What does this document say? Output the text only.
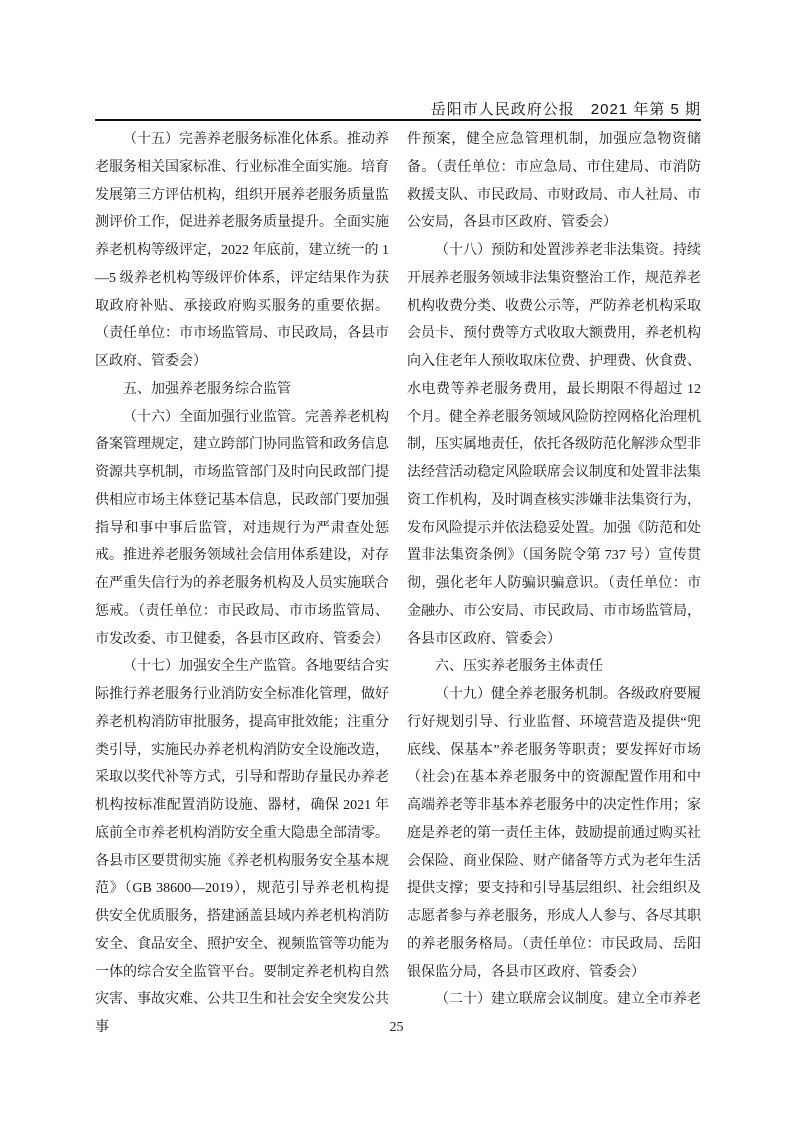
岳阳市人民政府公报　2021 年第 5 期

（十五）完善养老服务标准化体系。推动养老服务相关国家标准、行业标准全面实施。培育发展第三方评估机构，组织开展养老服务质量监测评价工作，促进养老服务质量提升。全面实施养老机构等级评定，2022 年底前，建立统一的 1—5 级养老机构等级评价体系，评定结果作为获取政府补贴、承接政府购买服务的重要依据。（责任单位：市市场监管局、市民政局，各县市区政府、管委会）

五、加强养老服务综合监管

（十六）全面加强行业监管。完善养老机构备案管理规定，建立跨部门协同监管和政务信息资源共享机制，市场监管部门及时向民政部门提供相应市场主体登记基本信息，民政部门要加强指导和事中事后监管，对违规行为严肃查处惩戒。推进养老服务领域社会信用体系建设，对存在严重失信行为的养老服务机构及人员实施联合惩戒。（责任单位：市民政局、市市场监管局、市发改委、市卫健委，各县市区政府、管委会）

（十七）加强安全生产监管。各地要结合实际推行养老服务行业消防安全标准化管理，做好养老机构消防审批服务，提高审批效能；注重分类引导，实施民办养老机构消防安全设施改造，采取以奖代补等方式，引导和帮助存量民办养老机构按标准配置消防设施、器材，确保 2021 年底前全市养老机构消防安全重大隐患全部清零。各县市区要贯彻实施《养老机构服务安全基本规范》（GB 38600—2019），规范引导养老机构提供安全优质服务，搭建涵盖县域内养老机构消防安全、食品安全、照护安全、视频监管等功能为一体的综合安全监管平台。要制定养老机构自然灾害、事故灾难、公共卫生和社会安全突发公共事

件预案，健全应急管理机制，加强应急物资储备。（责任单位：市应急局、市住建局、市消防救援支队、市民政局、市财政局、市人社局、市公安局，各县市区政府、管委会）

（十八）预防和处置涉养老非法集资。持续开展养老服务领域非法集资整治工作，规范养老机构收费分类、收费公示等，严防养老机构采取会员卡、预付费等方式收取大额费用，养老机构向入住老年人预收取床位费、护理费、伙食费、水电费等养老服务费用，最长期限不得超过 12 个月。健全养老服务领域风险防控网格化治理机制，压实属地责任，依托各级防范化解涉众型非法经营活动稳定风险联席会议制度和处置非法集资工作机构，及时调查核实涉嫌非法集资行为，发布风险提示并依法稳妥处置。加强《防范和处置非法集资条例》（国务院令第 737 号）宣传贯彻，强化老年人防骗识骗意识。（责任单位：市金融办、市公安局、市民政局、市市场监管局，各县市区政府、管委会）

六、压实养老服务主体责任

（十九）健全养老服务机制。各级政府要履行好规划引导、行业监督、环境营造及提供“兜底线、保基本”养老服务等职责；要发挥好市场（社会)在基本养老服务中的资源配置作用和中高端养老等非基本养老服务中的决定性作用；家庭是养老的第一责任主体，鼓励提前通过购买社会保险、商业保险、财产储备等方式为老年生活提供支撑；要支持和引导基层组织、社会组织及志愿者参与养老服务，形成人人参与、各尽其职的养老服务格局。（责任单位：市民政局、岳阳银保监分局，各县市区政府、管委会）

（二十）建立联席会议制度。建立全市养老

25
